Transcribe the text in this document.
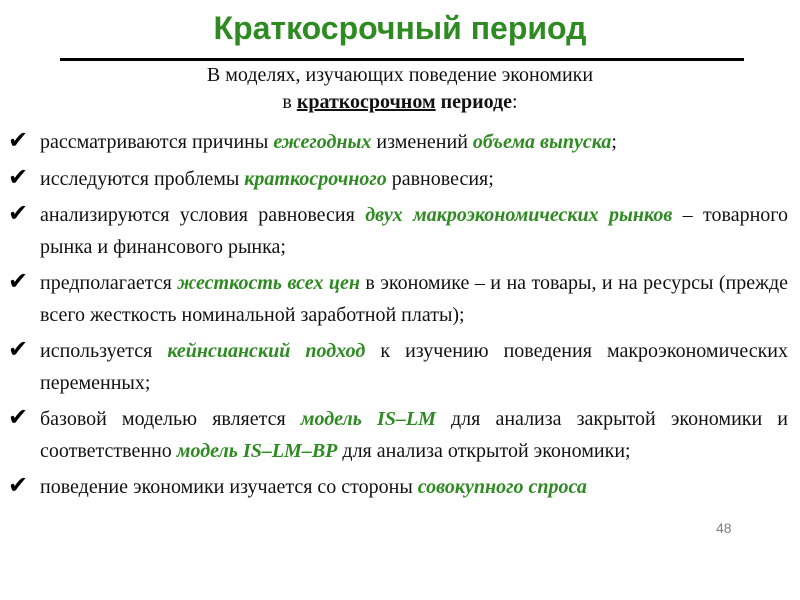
Краткосрочный период
В моделях, изучающих поведение экономики
в краткосрочном периоде:
✔ рассматриваются причины ежегодных изменений объема выпуска;
✔ исследуются проблемы краткосрочного равновесия;
✔ анализируются условия равновесия двух макроэкономических рынков – товарного рынка и финансового рынка;
✔ предполагается жесткость всех цен в экономике – и на товары, и на ресурсы (прежде всего жесткость номинальной заработной платы);
✔ используется кейнсианский подход к изучению поведения макроэкономических переменных;
✔ базовой моделью является модель IS–LM для анализа закрытой экономики и соответственно модель IS–LM–BP для анализа открытой экономики;
✔ поведение экономики изучается со стороны совокупного спроса
48
